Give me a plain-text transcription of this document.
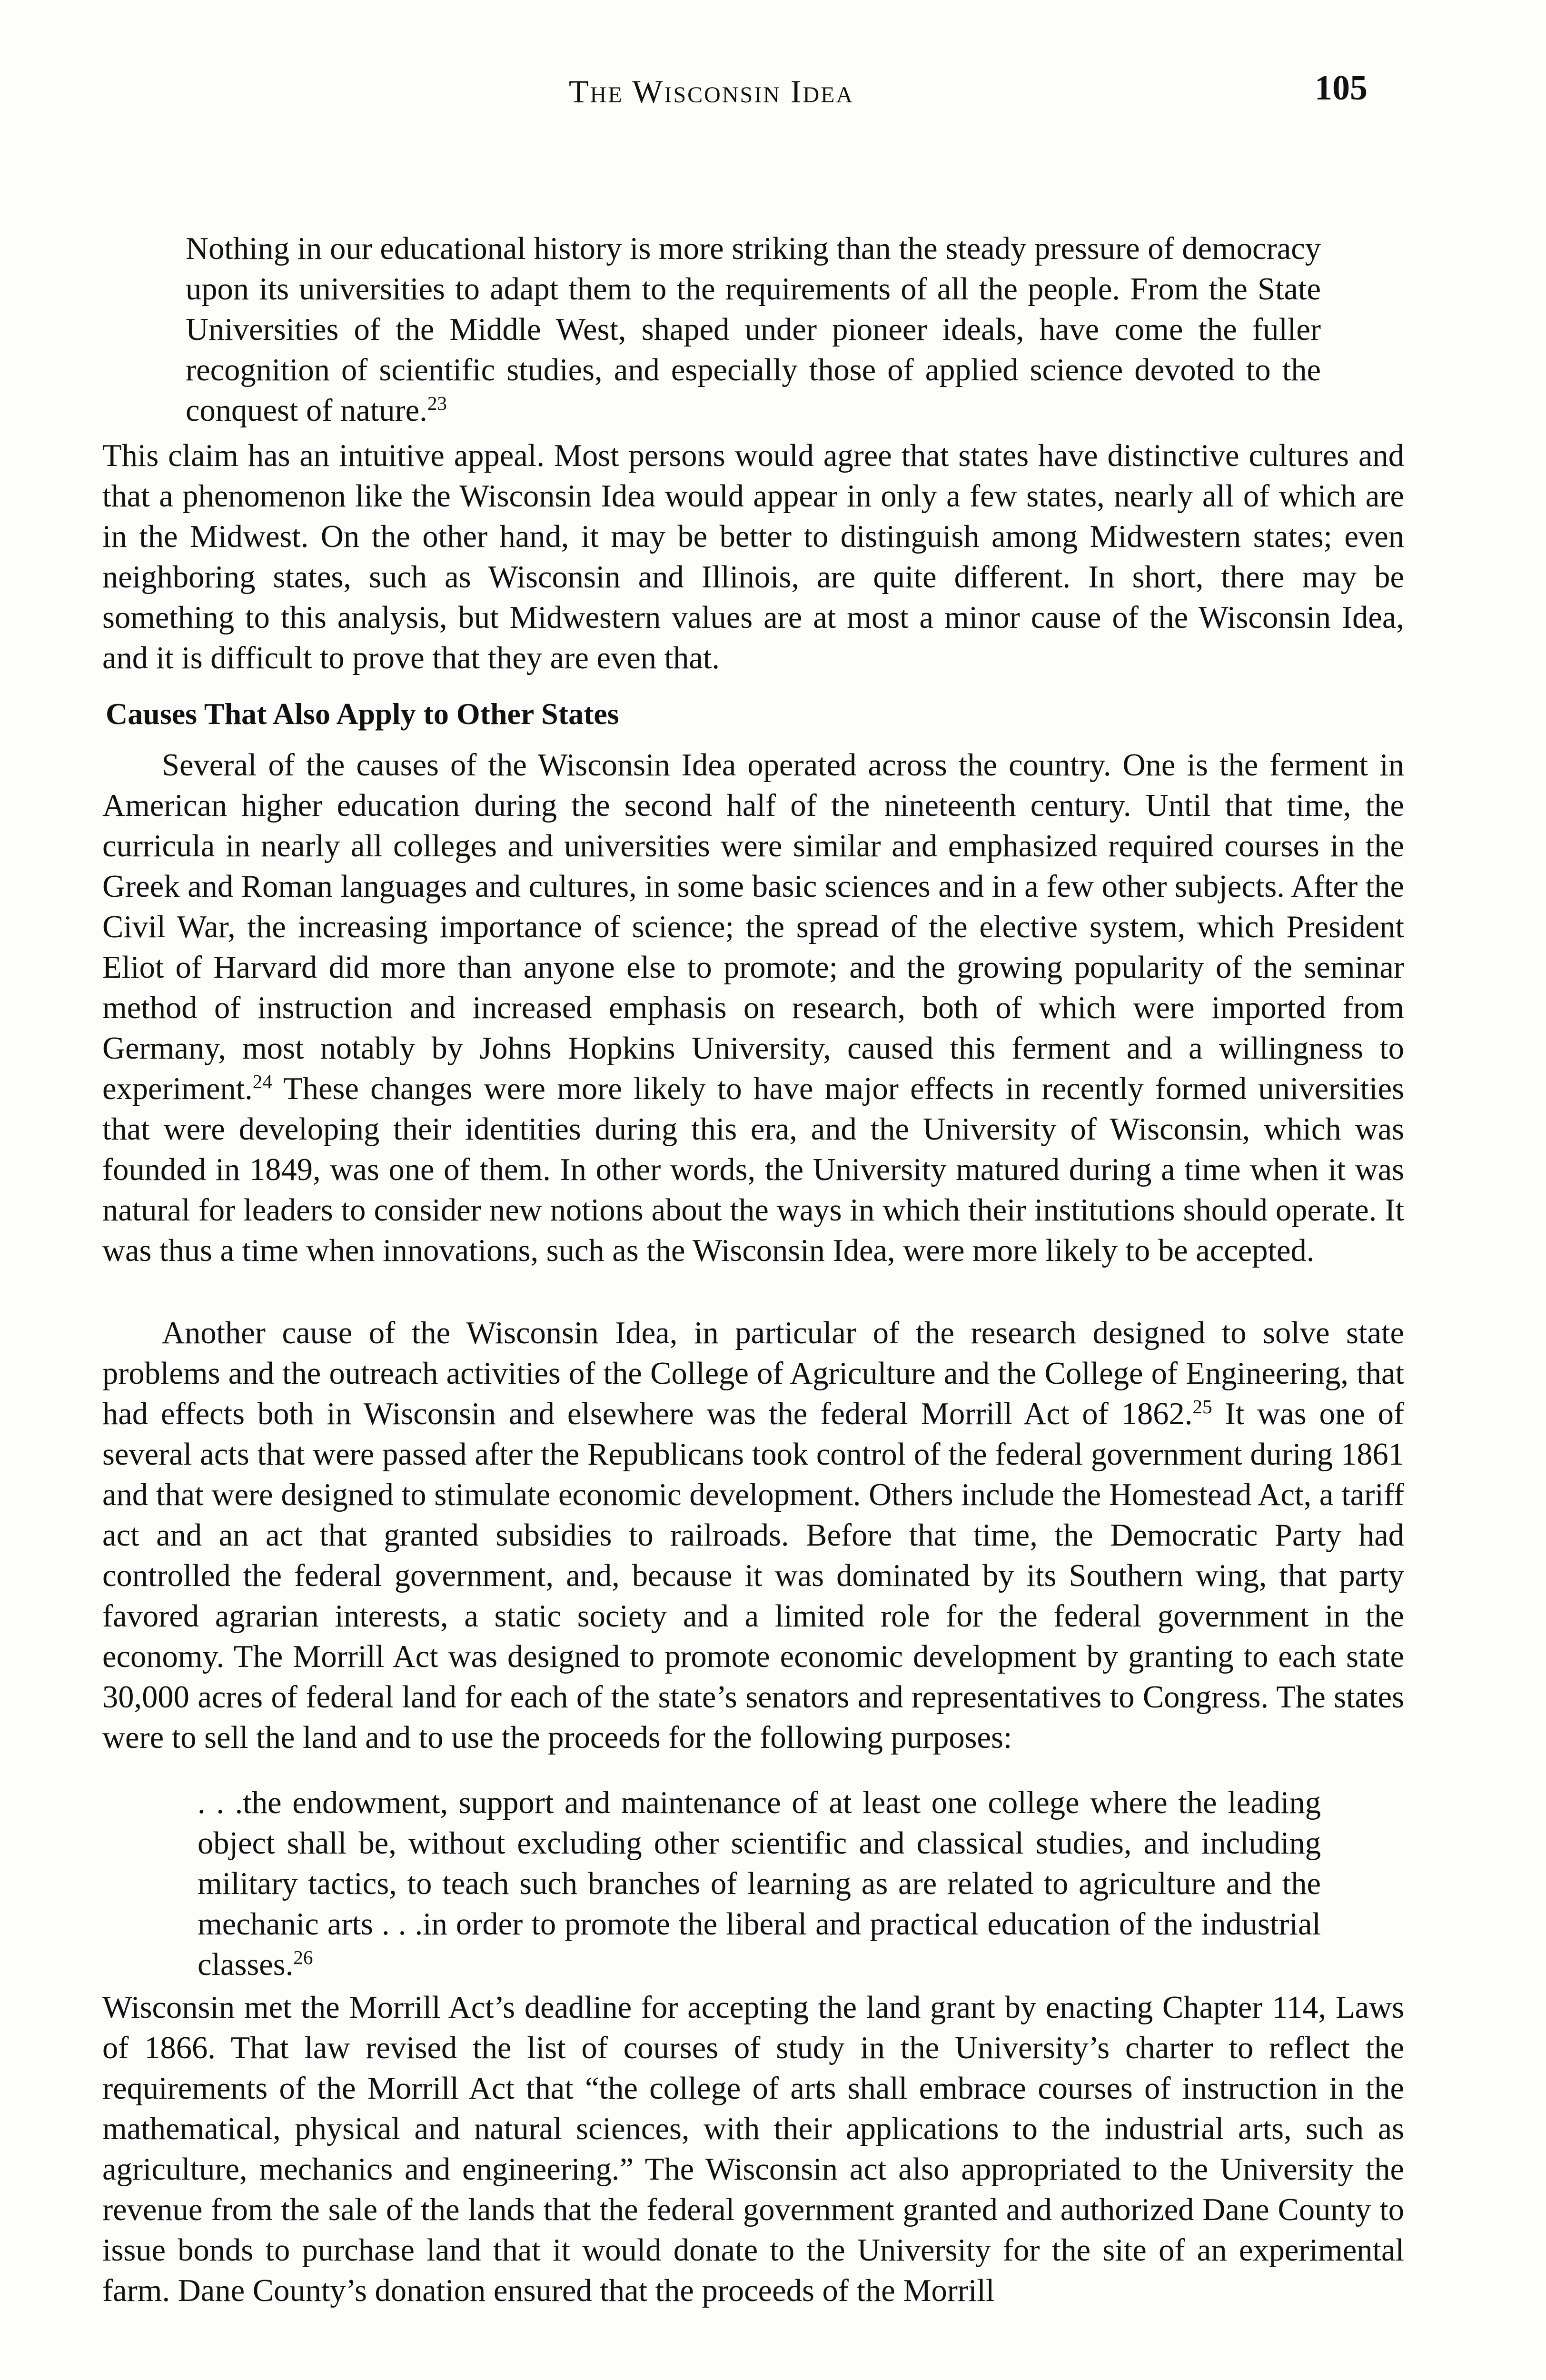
The Wisconsin Idea	105

Nothing in our educational history is more striking than the steady pressure of democracy upon its universities to adapt them to the requirements of all the people. From the State Universities of the Middle West, shaped under pioneer ideals, have come the fuller recognition of scientific studies, and especially those of applied science devoted to the conquest of nature.$^{23}$

This claim has an intuitive appeal. Most persons would agree that states have distinctive cultures and that a phenomenon like the Wisconsin Idea would appear in only a few states, nearly all of which are in the Midwest. On the other hand, it may be better to distinguish among Midwestern states; even neighboring states, such as Wisconsin and Illinois, are quite different. In short, there may be something to this analysis, but Midwestern values are at most a minor cause of the Wisconsin Idea, and it is difficult to prove that they are even that.

Causes That Also Apply to Other States

Several of the causes of the Wisconsin Idea operated across the country. One is the ferment in American higher education during the second half of the nineteenth century. Until that time, the curricula in nearly all colleges and universities were similar and emphasized required courses in the Greek and Roman languages and cultures, in some basic sciences and in a few other subjects. After the Civil War, the increasing importance of science; the spread of the elective system, which President Eliot of Harvard did more than anyone else to promote; and the growing popularity of the seminar method of instruction and increased emphasis on research, both of which were imported from Germany, most notably by Johns Hopkins University, caused this ferment and a willingness to experiment.$^{24}$ These changes were more likely to have major effects in recently formed universities that were developing their identities during this era, and the University of Wisconsin, which was founded in 1849, was one of them. In other words, the University matured during a time when it was natural for leaders to consider new notions about the ways in which their institutions should operate. It was thus a time when innovations, such as the Wisconsin Idea, were more likely to be accepted.

Another cause of the Wisconsin Idea, in particular of the research designed to solve state problems and the outreach activities of the College of Agriculture and the College of Engineering, that had effects both in Wisconsin and elsewhere was the federal Morrill Act of 1862.25 It was one of several acts that were passed after the Republicans took control of the federal government during 1861 and that were designed to stimulate economic development. Others include the Homestead Act, a tariff act and an act that granted subsidies to railroads. Before that time, the Democratic Party had controlled the federal government, and, because it was dominated by its Southern wing, that party favored agrarian interests, a static society and a limited role for the federal government in the economy. The Morrill Act was designed to promote economic development by granting to each state 30,000 acres of federal land for each of the state’s senators and representatives to Congress. The states were to sell the land and to use the proceeds for the following purposes:

. . .the endowment, support and maintenance of at least one college where the leading object shall be, without excluding other scientific and classical studies, and including military tactics, to teach such branches of learning as are related to agriculture and the mechanic arts . . .in order to promote the liberal and practical education of the industrial classes.$^{26}$

Wisconsin met the Morrill Act’s deadline for accepting the land grant by enacting Chapter 114, Laws of 1866. That law revised the list of courses of study in the University’s charter to reflect the requirements of the Morrill Act that “the college of arts shall embrace courses of instruction in the mathematical, physical and natural sciences, with their applications to the industrial arts, such as agriculture, mechanics and engineering.” The Wisconsin act also appropriated to the University the revenue from the sale of the lands that the federal government granted and authorized Dane County to issue bonds to purchase land that it would donate to the University for the site of an experimental farm. Dane County’s donation ensured that the proceeds of the Morrill
